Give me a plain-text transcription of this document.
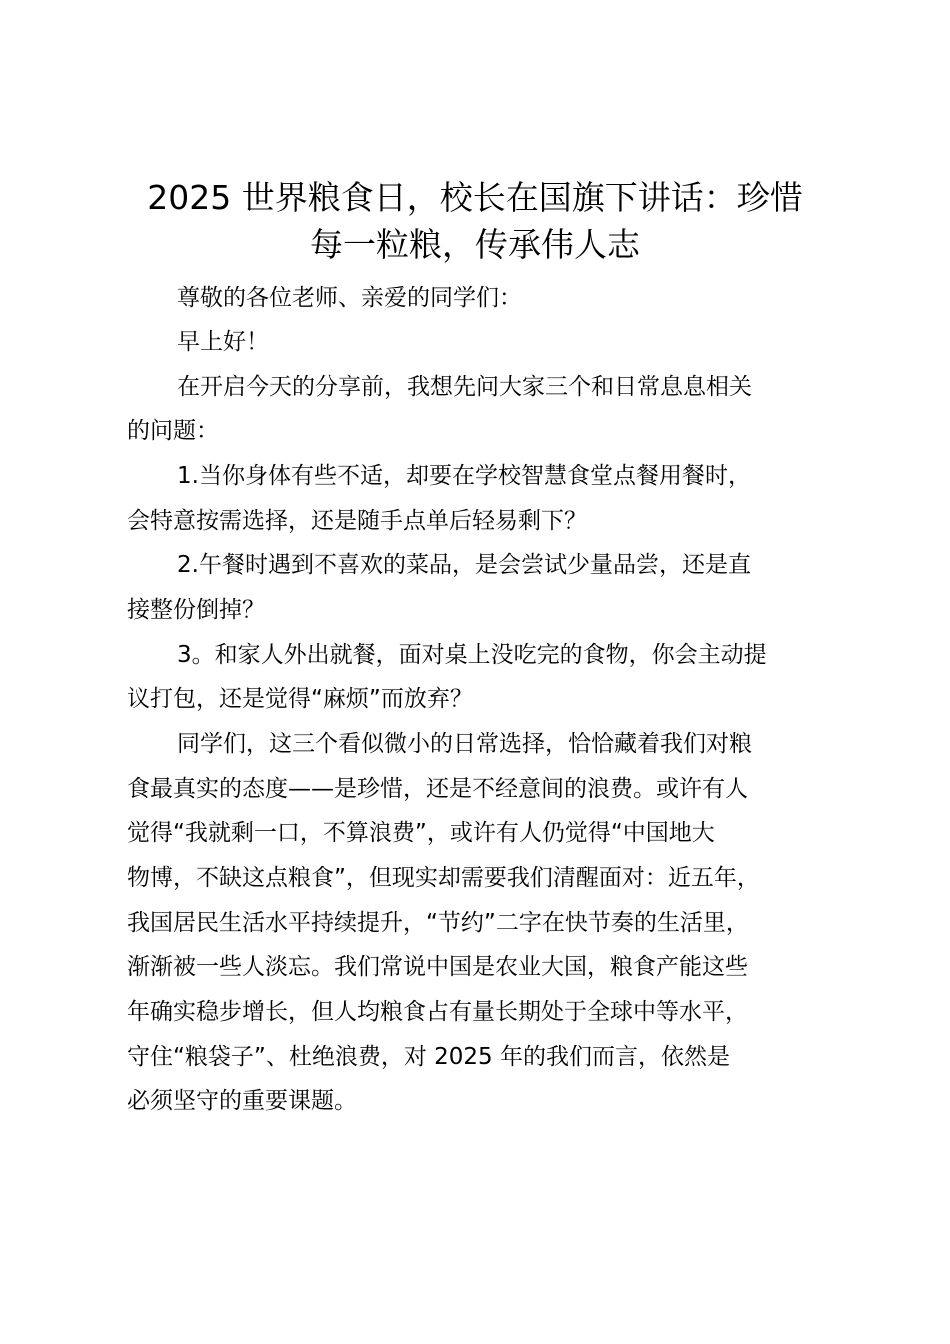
2025 世界粮食日，校长在国旗下讲话：珍惜
每一粒粮，传承伟人志

尊敬的各位老师、亲爱的同学们：

早上好！

在开启今天的分享前，我想先问大家三个和日常息息相关

的问题：

1.当你身体有些不适，却要在学校智慧食堂点餐用餐时，

会特意按需选择，还是随手点单后轻易剩下？

2.午餐时遇到不喜欢的菜品，是会尝试少量品尝，还是直

接整份倒掉？

3。和家人外出就餐，面对桌上没吃完的食物，你会主动提

议打包，还是觉得“麻烦”而放弃？

同学们，这三个看似微小的日常选择，恰恰藏着我们对粮

食最真实的态度——是珍惜，还是不经意间的浪费。或许有人

觉得“我就剩一口，不算浪费”，或许有人仍觉得“中国地大

物博，不缺这点粮食”，但现实却需要我们清醒面对：近五年，

我国居民生活水平持续提升，“节约”二字在快节奏的生活里，

渐渐被一些人淡忘。我们常说中国是农业大国，粮食产能这些

年确实稳步增长，但人均粮食占有量长期处于全球中等水平，

守住“粮袋子”、杜绝浪费，对 2025 年的我们而言，依然是

必须坚守的重要课题。
